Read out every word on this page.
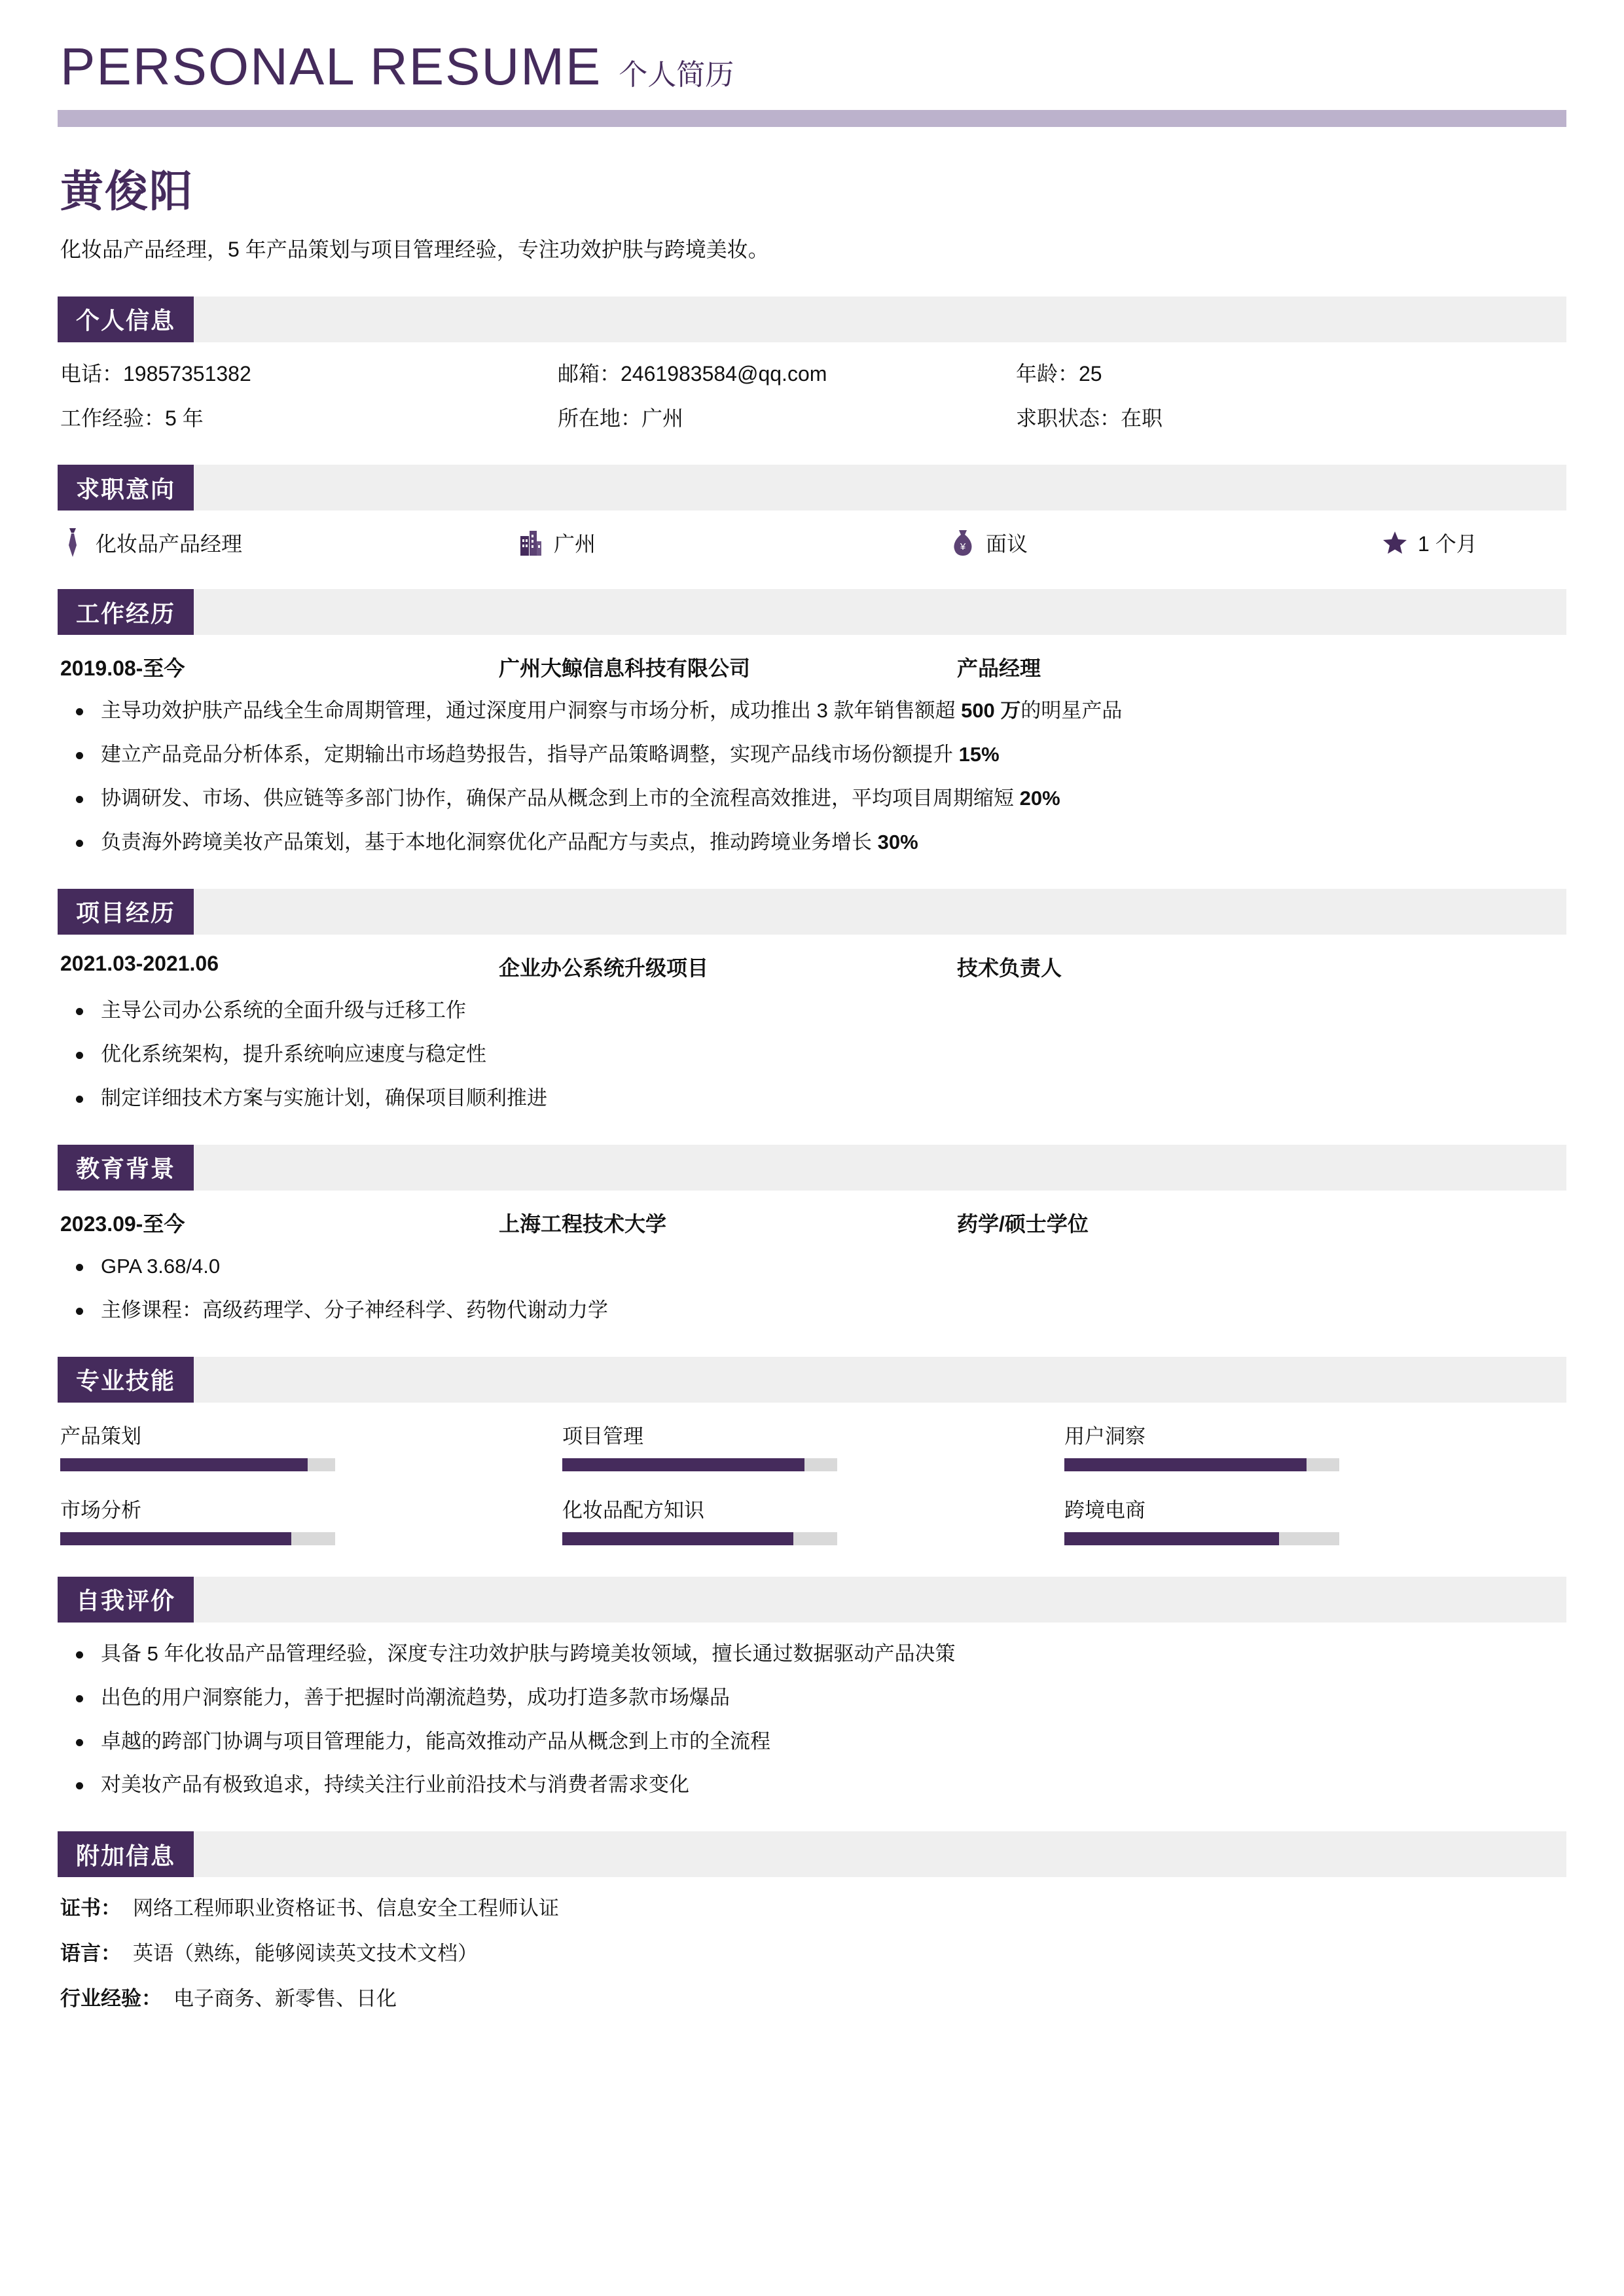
PERSONAL RESUME 个人简历
黄俊阳
化妆品产品经理，5 年产品策划与项目管理经验，专注功效护肤与跨境美妆。
个人信息
电话：19857351382	邮箱：2461983584@qq.com	年龄：25
工作经验：5 年	所在地：广州	求职状态：在职
求职意向
化妆品产品经理	广州	¥ 面议	1 个月
工作经历
2019.08-至今	广州大鲸信息科技有限公司	产品经理
主导功效护肤产品线全生命周期管理，通过深度用户洞察与市场分析，成功推出 3 款年销售额超 500 万的明星产品
建立产品竞品分析体系，定期输出市场趋势报告，指导产品策略调整，实现产品线市场份额提升 15%
协调研发、市场、供应链等多部门协作，确保产品从概念到上市的全流程高效推进，平均项目周期缩短 20%
负责海外跨境美妆产品策划，基于本地化洞察优化产品配方与卖点，推动跨境业务增长 30%
项目经历
2021.03-2021.06	企业办公系统升级项目	技术负责人
主导公司办公系统的全面升级与迁移工作
优化系统架构，提升系统响应速度与稳定性
制定详细技术方案与实施计划，确保项目顺利推进
教育背景
2023.09-至今	上海工程技术大学	药学/硕士学位
GPA 3.68/4.0
主修课程：高级药理学、分子神经科学、药物代谢动力学
专业技能
产品策划	项目管理	用户洞察
市场分析	化妆品配方知识	跨境电商
自我评价
具备 5 年化妆品产品管理经验，深度专注功效护肤与跨境美妆领域，擅长通过数据驱动产品决策
出色的用户洞察能力，善于把握时尚潮流趋势，成功打造多款市场爆品
卓越的跨部门协调与项目管理能力，能高效推动产品从概念到上市的全流程
对美妆产品有极致追求，持续关注行业前沿技术与消费者需求变化
附加信息
证书： 网络工程师职业资格证书、信息安全工程师认证
语言： 英语（熟练，能够阅读英文技术文档）
行业经验： 电子商务、新零售、日化
